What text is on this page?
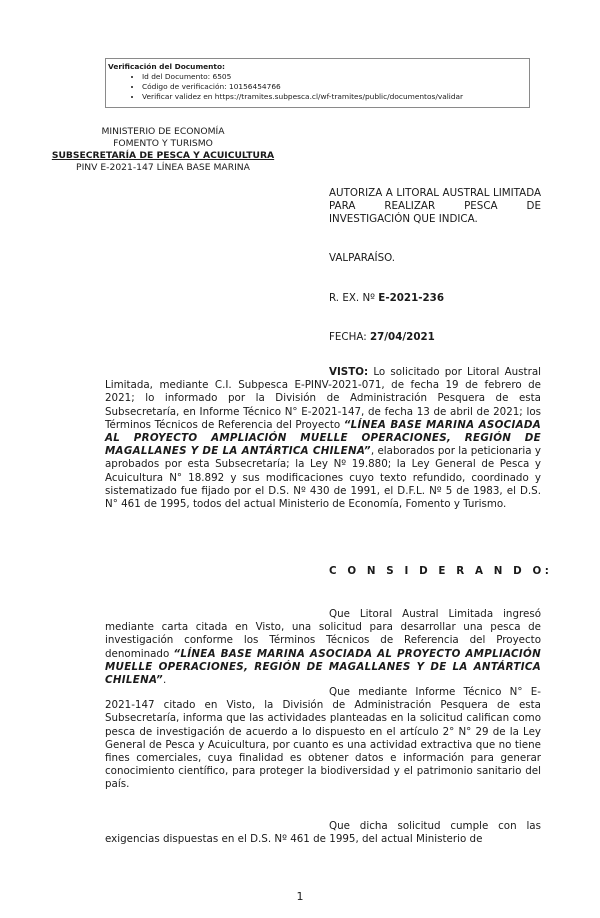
Verificación del Documento:
• Id del Documento: 6505
• Código de verificación: 10156454766
• Verificar validez en https://tramites.subpesca.cl/wf-tramites/public/documentos/validar
MINISTERIO DE ECONOMÍA
FOMENTO Y TURISMO
SUBSECRETARÍA DE PESCA Y ACUICULTURA
PINV E-2021-147 LÍNEA BASE MARINA
AUTORIZA A LITORAL AUSTRAL LIMITADA PARA REALIZAR PESCA DE INVESTIGACIÓN QUE INDICA.
VALPARAÍSO.
R. EX. Nº E-2021-236
FECHA: 27/04/2021
VISTO: Lo solicitado por Litoral Austral Limitada, mediante C.I. Subpesca E-PINV-2021-071, de fecha 19 de febrero de 2021; lo informado por la División de Administración Pesquera de esta Subsecretaría, en Informe Técnico N° E-2021-147, de fecha 13 de abril de 2021; los Términos Técnicos de Referencia del Proyecto “LÍNEA BASE MARINA ASOCIADA AL PROYECTO AMPLIACIÓN MUELLE OPERACIONES, REGIÓN DE MAGALLANES Y DE LA ANTÁRTICA CHILENA”, elaborados por la peticionaria y aprobados por esta Subsecretaría; la Ley Nº 19.880; la Ley General de Pesca y Acuicultura N° 18.892 y sus modificaciones cuyo texto refundido, coordinado y sistematizado fue fijado por el D.S. Nº 430 de 1991, el D.F.L. Nº 5 de 1983, el D.S. N° 461 de 1995, todos del actual Ministerio de Economía, Fomento y Turismo.
C O N S I D E R A N D O:
Que Litoral Austral Limitada ingresó mediante carta citada en Visto, una solicitud para desarrollar una pesca de investigación conforme los Términos Técnicos de Referencia del Proyecto denominado “LÍNEA BASE MARINA ASOCIADA AL PROYECTO AMPLIACIÓN MUELLE OPERACIONES, REGIÓN DE MAGALLANES Y DE LA ANTÁRTICA CHILENA”.
Que mediante Informe Técnico N° E-2021-147 citado en Visto, la División de Administración Pesquera de esta Subsecretaría, informa que las actividades planteadas en la solicitud califican como pesca de investigación de acuerdo a lo dispuesto en el artículo 2° N° 29 de la Ley General de Pesca y Acuicultura, por cuanto es una actividad extractiva que no tiene fines comerciales, cuya finalidad es obtener datos e información para generar conocimiento científico, para proteger la biodiversidad y el patrimonio sanitario del país.
Que dicha solicitud cumple con las exigencias dispuestas en el D.S. Nº 461 de 1995, del actual Ministerio de
1
